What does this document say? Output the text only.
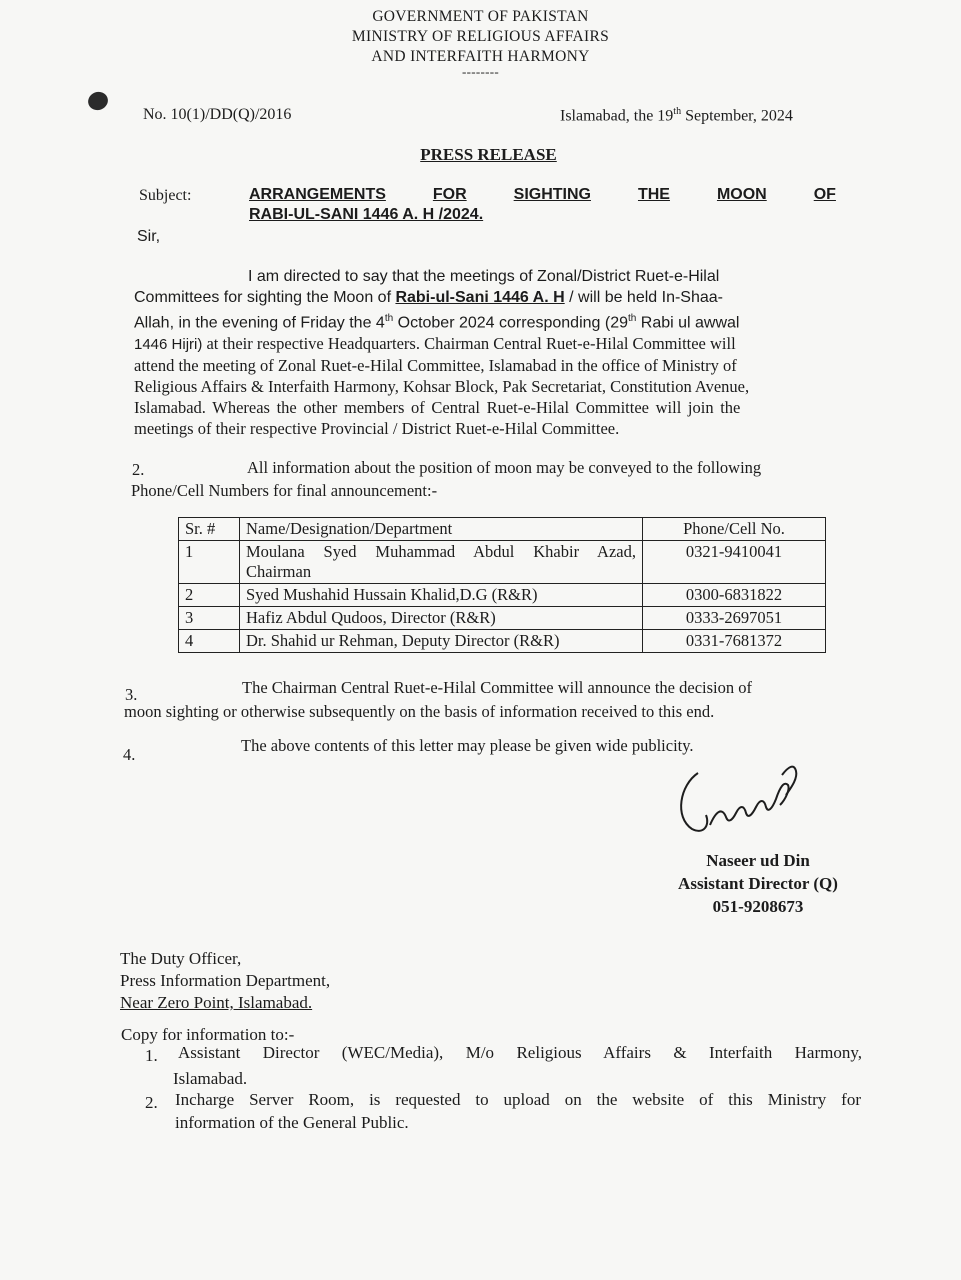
GOVERNMENT OF PAKISTAN
MINISTRY OF RELIGIOUS AFFAIRS
AND INTERFAITH HARMONY
--------
No. 10(1)/DD(Q)/2016	Islamabad, the 19th September, 2024
PRESS RELEASE
Subject:	ARRANGEMENTS	FOR	SIGHTING	THE	MOON	OF
RABI-UL-SANI 1446 A. H /2024.
Sir,
I am directed to say that the meetings of Zonal/District Ruet-e-Hilal
Committees for sighting the Moon of Rabi-ul-Sani 1446 A. H / will be held In-Shaa-
Allah, in the evening of Friday the 4th October 2024 corresponding (29th Rabi ul awwal
1446 Hijri) at their respective Headquarters. Chairman Central Ruet-e-Hilal Committee will
attend the meeting of Zonal Ruet-e-Hilal Committee, Islamabad in the office of Ministry of
Religious Affairs & Interfaith Harmony, Kohsar Block, Pak Secretariat, Constitution Avenue,
Islamabad. Whereas the other members of Central Ruet-e-Hilal Committee will join the
meetings of their respective Provincial / District Ruet-e-Hilal Committee.
2.	All information about the position of moon may be conveyed to the following
Phone/Cell Numbers for final announcement:-
Sr. #	Name/Designation/Department	Phone/Cell No.
1	Moulana Syed Muhammad Abdul Khabir Azad,
Chairman	0321-9410041
2	Syed Mushahid Hussain Khalid,D.G (R&R)	0300-6831822
3	Hafiz Abdul Qudoos, Director (R&R)	0333-2697051
4	Dr. Shahid ur Rehman, Deputy Director (R&R)	0331-7681372
3.	The Chairman Central Ruet-e-Hilal Committee will announce the decision of
moon sighting or otherwise subsequently on the basis of information received to this end.
4.	The above contents of this letter may please be given wide publicity.
Naseer ud Din
Assistant Director (Q)
051-9208673
The Duty Officer,
Press Information Department,
Near Zero Point, Islamabad.
Copy for information to:-
1. Assistant Director (WEC/Media), M/o Religious Affairs & Interfaith Harmony,
Islamabad.
2. Incharge Server Room, is requested to upload on the website of this Ministry for
information of the General Public.
